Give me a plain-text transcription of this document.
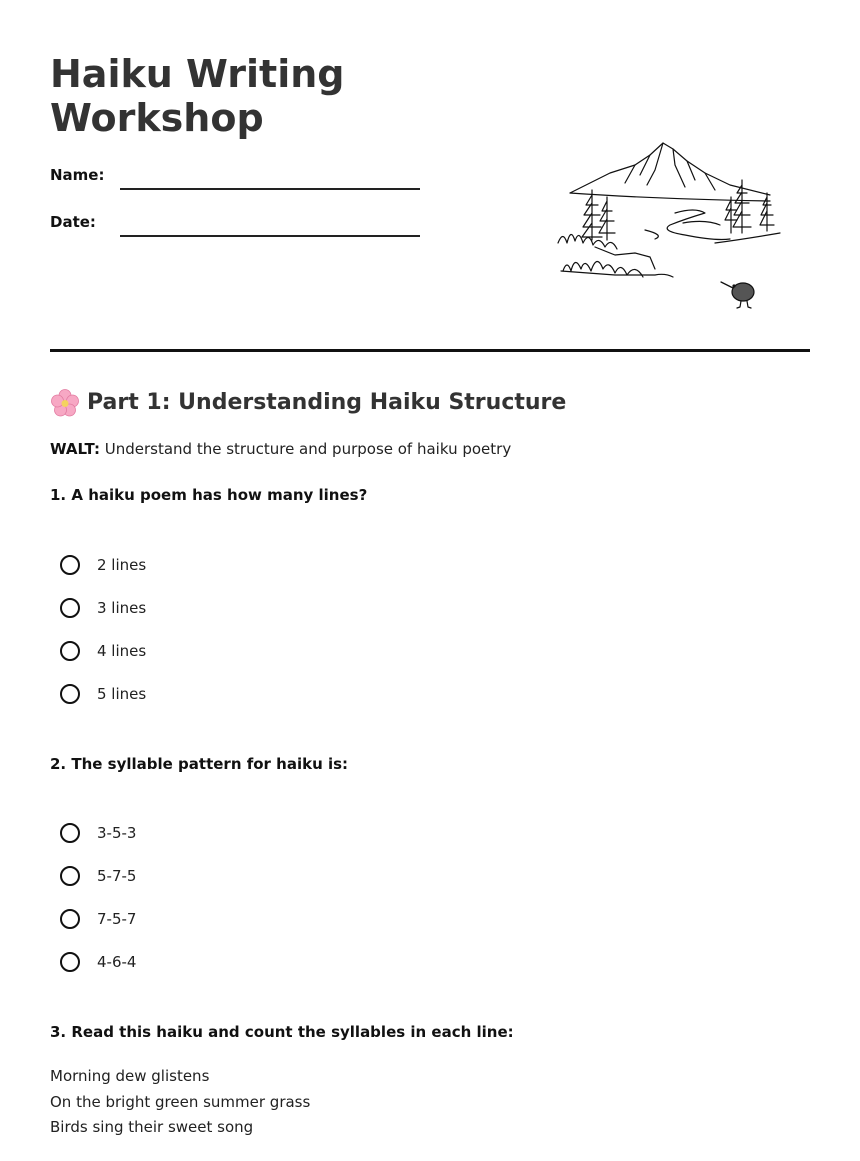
Haiku Writing
Workshop
Name:
Date:
Part 1: Understanding Haiku Structure
WALT: Understand the structure and purpose of haiku poetry
1. A haiku poem has how many lines?
2 lines
3 lines
4 lines
5 lines
2. The syllable pattern for haiku is:
3-5-3
5-7-5
7-5-7
4-6-4
3. Read this haiku and count the syllables in each line:
Morning dew glistens
On the bright green summer grass
Birds sing their sweet song
